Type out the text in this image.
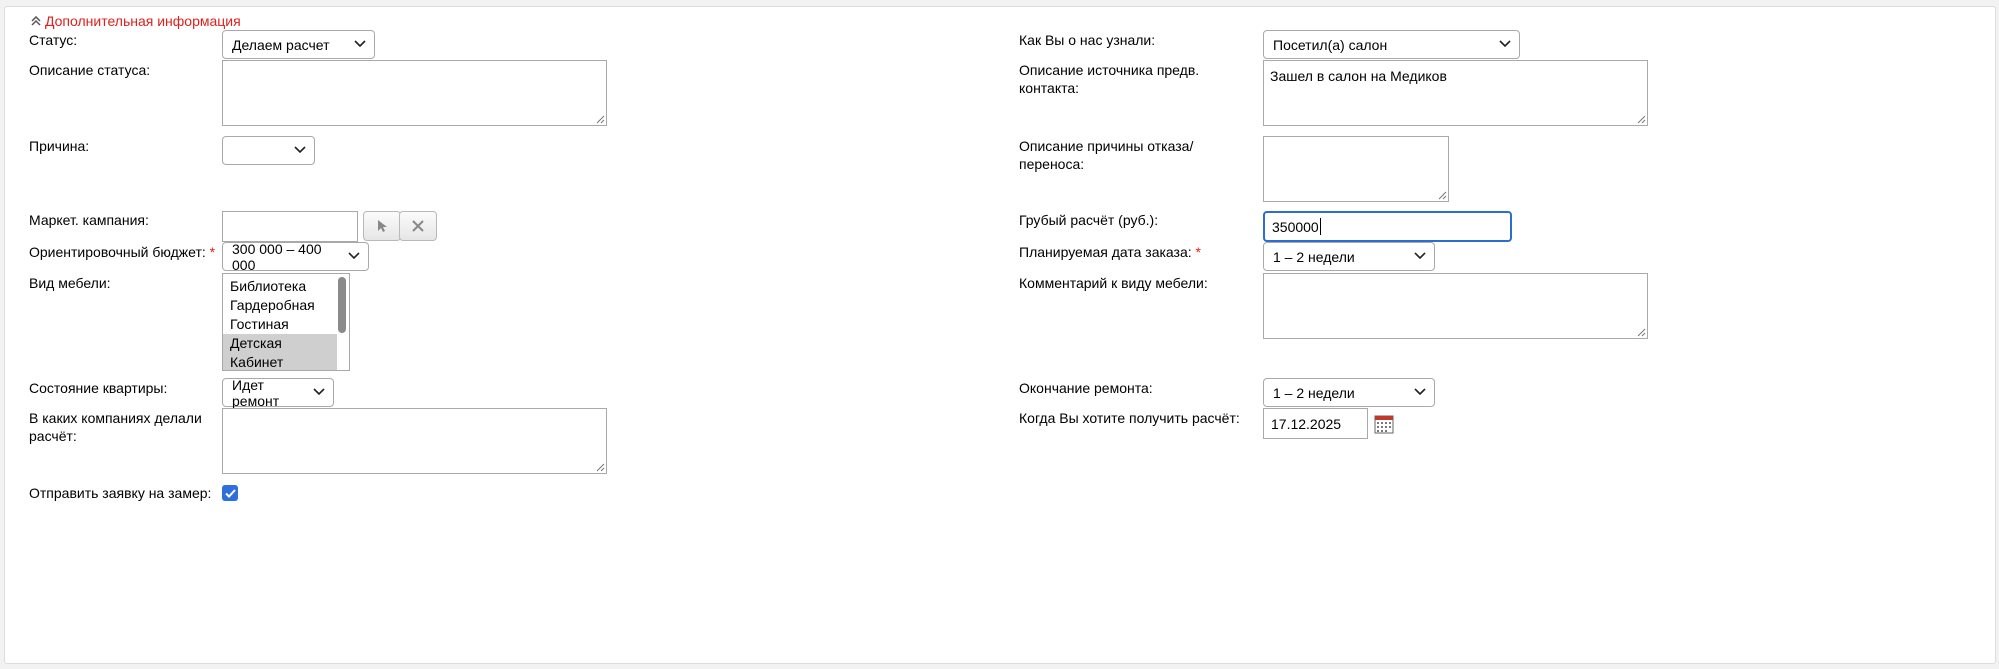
Дополнительная информация
Статус:	Делаем расчет
Описание статуса:
Причина:
Маркет. кампания:
Ориентировочный бюджет: * 300 000 – 400 000
Вид мебели:	Библиотека
Гардеробная
Гостиная
Детская
Кабинет
Состояние квартиры:	Идет ремонт
В каких компаниях делали расчёт:
Отправить заявку на замер:
Как Вы о нас узнали:	Посетил(а) салон
Описание источника предв. контакта:
Зашел в салон на Медиков
Описание причины отказа/переноса:
Грубый расчёт (руб.):	350000
Планируемая дата заказа: *	1 – 2 недели
Комментарий к виду мебели:
Окончание ремонта:	1 – 2 недели
Когда Вы хотите получить расчёт: 17.12.2025
